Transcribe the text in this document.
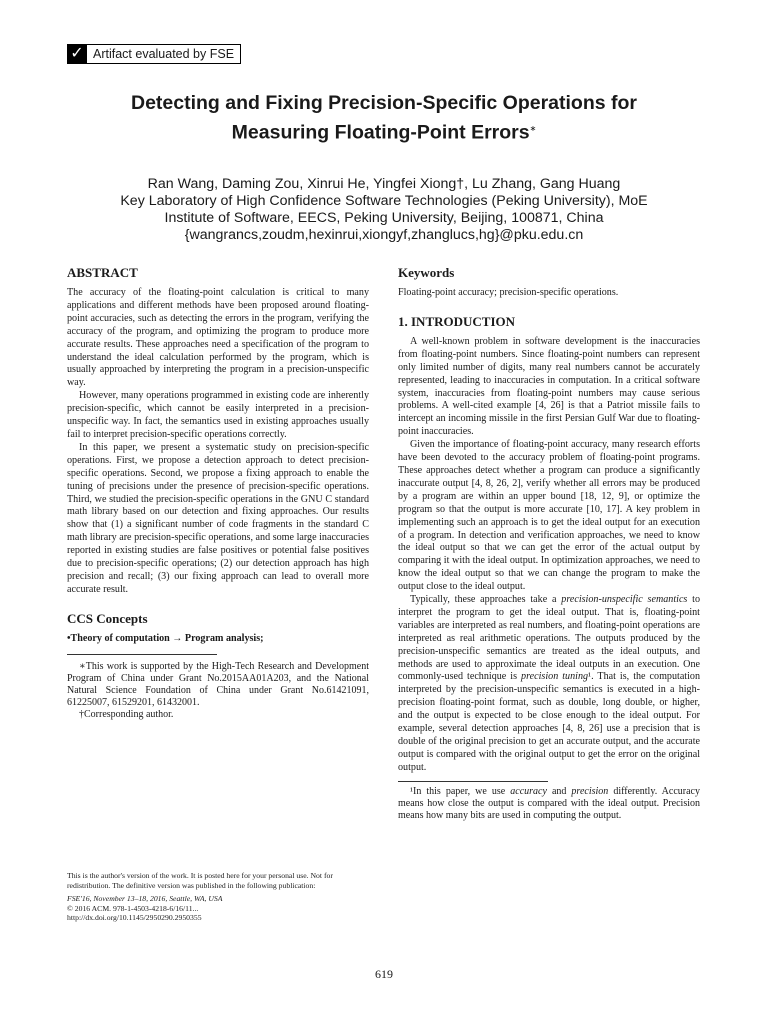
✓ Artifact evaluated by FSE
Detecting and Fixing Precision-Specific Operations for
Measuring Floating-Point Errors∗
Ran Wang, Daming Zou, Xinrui He, Yingfei Xiong†, Lu Zhang, Gang Huang
Key Laboratory of High Confidence Software Technologies (Peking University), MoE
Institute of Software, EECS, Peking University, Beijing, 100871, China
{wangrancs,zoudm,hexinrui,xiongyf,zhanglucs,hg}@pku.edu.cn
ABSTRACT

The accuracy of the floating-point calculation is critical to many applications and different methods have been proposed around floating-point accuracies, such as detecting the errors in the program, verifying the accuracy of the program, and optimizing the program to produce more accurate results. These approaches need a specification of the program to understand the ideal calculation performed by the program, which is usually approached by interpreting the program in a precision-unspecific way.

However, many operations programmed in existing code are inherently precision-specific, which cannot be easily interpreted in a precision-unspecific way. In fact, the semantics used in existing approaches usually fail to interpret precision-specific operations correctly.

In this paper, we present a systematic study on precision-specific operations. First, we propose a detection approach to detect precision-specific operations. Second, we propose a fixing approach to enable the tuning of precisions under the presence of precision-specific operations. Third, we studied the precision-specific operations in the GNU C standard math library based on our detection and fixing approaches. Our results show that (1) a significant number of code fragments in the standard C math library are precision-specific operations, and some large inaccuracies reported in existing studies are false positives or potential false positives due to precision-specific operations; (2) our detection approach has high precision and recall; (3) our fixing approach can lead to overall more accurate result.

CCS Concepts

•Theory of computation → Program analysis;

∗This work is supported by the High-Tech Research and Development Program of China under Grant No.2015AA01A203, and the National Natural Science Foundation of China under Grant No.61421091, 61225007, 61529201, 61432001.

†Corresponding author.

This is the author's version of the work. It is posted here for your personal use. Not for redistribution. The definitive version was published in the following publication:
FSE'16, November 13–18, 2016, Seattle, WA, USA
© 2016 ACM. 978-1-4503-4218-6/16/11...
http://dx.doi.org/10.1145/2950290.2950355
Keywords

Floating-point accuracy; precision-specific operations.

1. INTRODUCTION

A well-known problem in software development is the inaccuracies from floating-point numbers. Since floating-point numbers can represent only limited number of digits, many real numbers cannot be accurately represented, leading to inaccuracies in computation. In a critical software system, inaccuracies from floating-point numbers may cause serious problems. A well-cited example [4, 26] is that a Patriot missile fails to intercept an incoming missile in the first Persian Gulf War due to floating-point inaccuracies.

Given the importance of floating-point accuracy, many research efforts have been devoted to the accuracy problem of floating-point programs. These approaches detect whether a program can produce a significantly inaccurate output [4, 8, 26, 2], verify whether all errors may be produced by a program are within an upper bound [18, 12, 9], or optimize the program so that the output is more accurate [10, 17]. A key problem in implementing such an approach is to get the ideal output for an execution of a program. In detection and verification approaches, we need to know the ideal output so that we can get the error of the actual output by comparing it with the ideal output. In optimization approaches, we need to know the ideal output so that we can change the program to make the output close to the ideal output.

Typically, these approaches take a precision-unspecific semantics to interpret the program to get the ideal output. That is, floating-point variables are interpreted as real numbers, and floating-point operations are interpreted as real arithmetic operations. The outputs produced by the precision-unspecific semantics are treated as the ideal outputs, and methods are used to approximate the ideal outputs in an execution. One commonly-used technique is precision tuning¹. That is, the computation interpreted by the precision-unspecific semantics is executed in a high-precision floating-point format, such as double, long double, or higher, and the output is expected to be close enough to the ideal output. For example, several detection approaches [4, 8, 26] use a precision that is double of the original precision to get an accurate output, and the accurate output is compared with the original output to get the error on the original output.

¹In this paper, we use accuracy and precision differently. Accuracy means how close the output is compared with the ideal output. Precision means how many bits are used in computing the output.

619
